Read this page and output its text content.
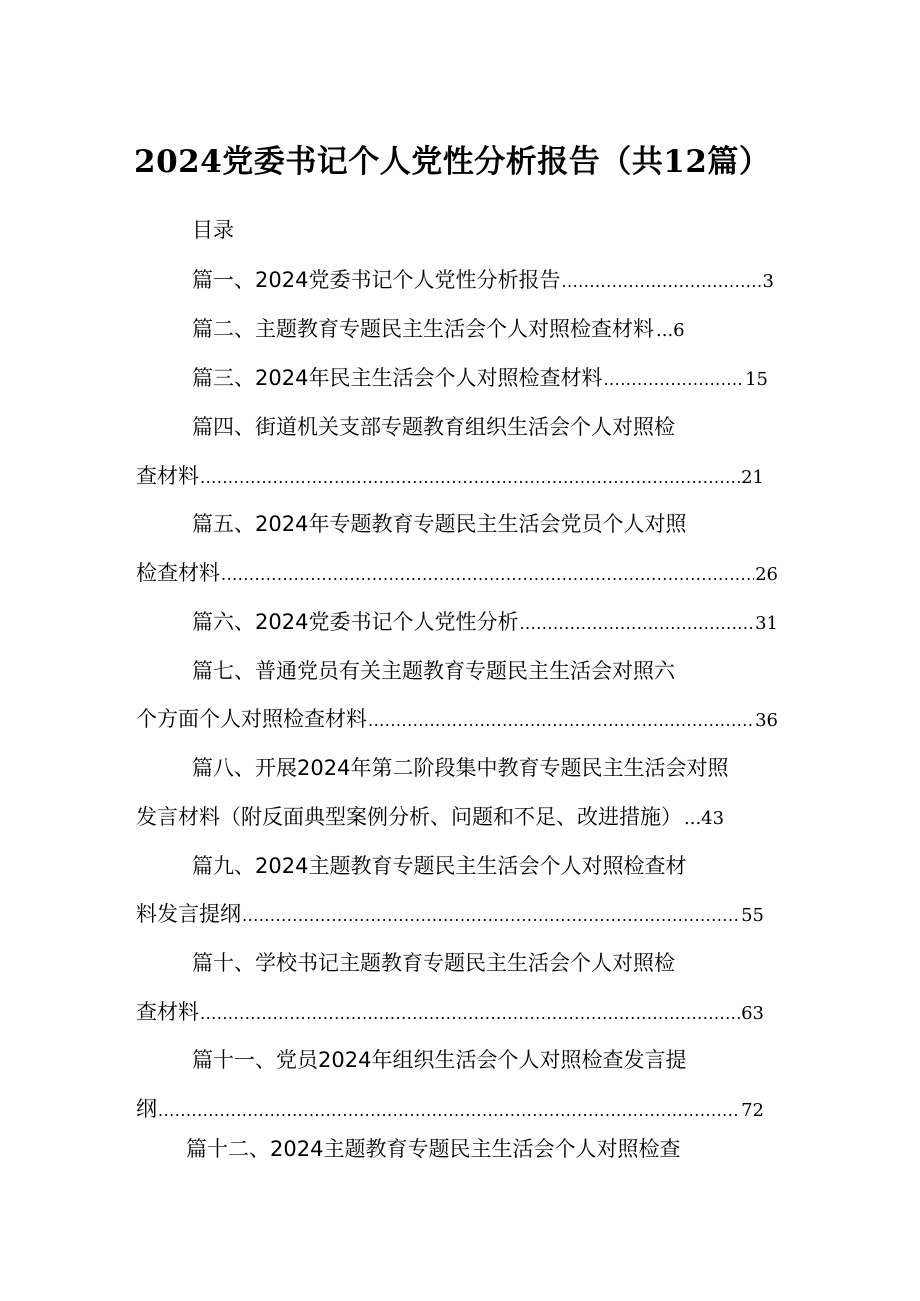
2024党委书记个人党性分析报告（共12篇）
目录
篇一、2024党委书记个人党性分析报告 .....	3
篇二、主题教育专题民主生活会个人对照检查材料 ... 6
篇三、2024年民主生活会个人对照检查材料 .....	15
篇四、街道机关支部专题教育组织生活会个人对照检
查材料 .....	21
篇五、2024年专题教育专题民主生活会党员个人对照
检查材料 .....	26
篇六、2024党委书记个人党性分析 .....	31
篇七、普通党员有关主题教育专题民主生活会对照六
个方面个人对照检查材料 .....	36
篇八、开展2024年第二阶段集中教育专题民主生活会对照
发言材料（附反面典型案例分析、问题和不足、改进措施） ... 43
篇九、2024主题教育专题民主生活会个人对照检查材
料发言提纲 .....	55
篇十、学校书记主题教育专题民主生活会个人对照检
查材料 .....	63
篇十一、党员2024年组织生活会个人对照检查发言提
纲 .....	72
篇十二、2024主题教育专题民主生活会个人对照检查
